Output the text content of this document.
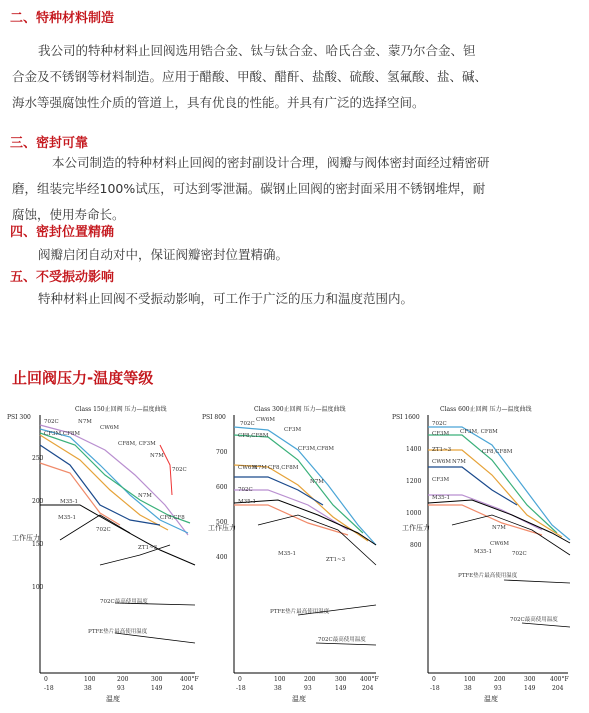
二、特种材料制造

我公司的特种材料止回阀选用锆合金、钛与钛合金、哈氏合金、蒙乃尔合金、钽

合金及不锈钢等材料制造。应用于醋酸、甲酸、醋酐、盐酸、硫酸、氢氟酸、盐、碱、

海水等强腐蚀性介质的管道上，具有优良的性能。并具有广泛的选择空间。

三、密封可靠

本公司制造的特种材料止回阀的密封副设计合理，阀瓣与阀体密封面经过精密研

磨，组装完毕经100%试压，可达到零泄漏。碳钢止回阀的密封面采用不锈钢堆焊，耐

腐蚀，使用寿命长。

四、密封位置精确

阀瓣启闭自动对中，保证阀瓣密封位置精确。

五、不受振动影响

特种材料止回阀不受振动影响，可工作于广泛的压力和温度范围内。

止回阀压力-温度等级
Class 150止回阀 压力—温度曲线
PSI 300
250
200
150
100
工作压力
702C	N7M
CW6M
CF8M, CF3M
CF3M,CF8M
N7M
702C
CF8,CF8
N7M
M35-1
M35-1
702C
ZT1~3
702C最高使用温度
PTFE垫片最高使用温度
0	100	200	300	400°F
-18	38	93	149	204
温度
Class 300止回阀 压力—温度曲线
PSI 800
700
600
500
400
工作压力
702C
CW6M
CF3M
CF8,CF8M
CF3M,CF8M
CW6M
N7M CF8,CF8M
N7M
702C
M35-1
M35-1
ZT1~3
PTFE垫片最高使用温度
702C最高使用温度
0	100	200	300 400°F
-18	38	93	149	204
温度
Class 600止回阀 压力—温度曲线
PSI 1600
1400
1200
1000
800
工作压力
702C
CF3M CF3M, CF8M
CF8,CF8M
CW6M N7M
ZT1~3
CF3M
M35-1
N7M
CW6M
M35-1	702C
PTFE垫片最高使用温度
702C最高使用温度
0	100	200	300 400°F
-18	38	93	149	204
温度
